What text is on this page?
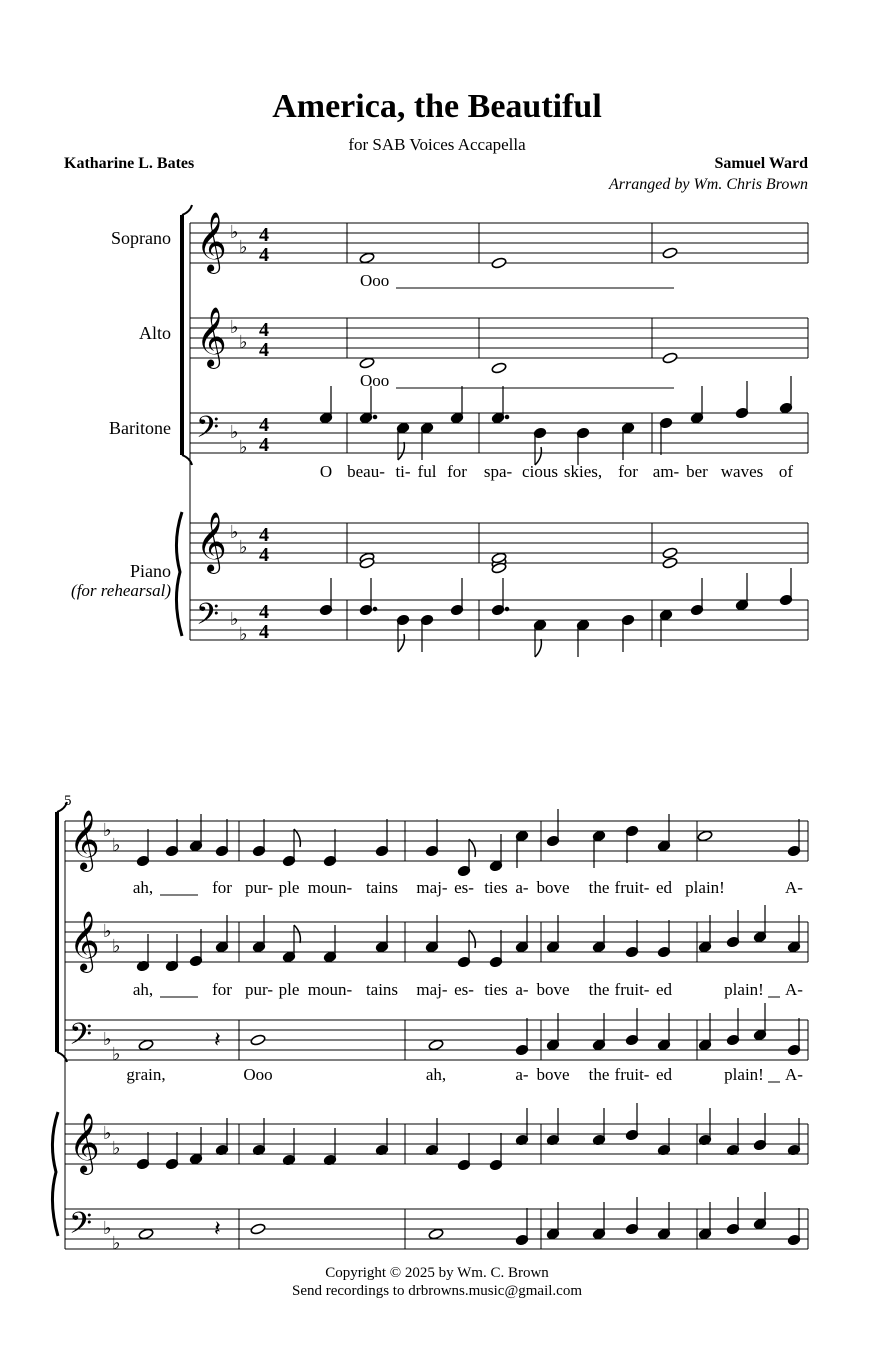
America, the Beautiful
for SAB Voices Accapella
Katharine L. Bates	Samuel Ward
Arranged by Wm. Chris Brown
𝄞 ♭
♭
4
4
𝄞 ♭
♭
4
4
𝄢 ♭
♭
4
4
𝄞 ♭
♭
4
4
𝄢 ♭
♭
4
4
𝄞 ♭
♭
𝄞 ♭
♭
𝄢 ♭
♭
𝄞 ♭
♭
𝄢 ♭
♭
𝄽
𝄽
Soprano
Alto
Baritone
Piano
(for rehearsal)
Ooo
Ooo
O beau- ti- ful for spa- cious skies, for am- ber waves of
5
ah,	for pur- ple moun- tains maj- es- ties a- bove the fruit- ed plain!	A-
ah,	for pur- ple moun- tains maj- es- ties a- bove the fruit- ed	plain! A-
grain,	Ooo	ah,	a- bove the fruit- ed	plain! A-
Copyright © 2025 by Wm. C. Brown
Send recordings to drbrowns.music@gmail.com
